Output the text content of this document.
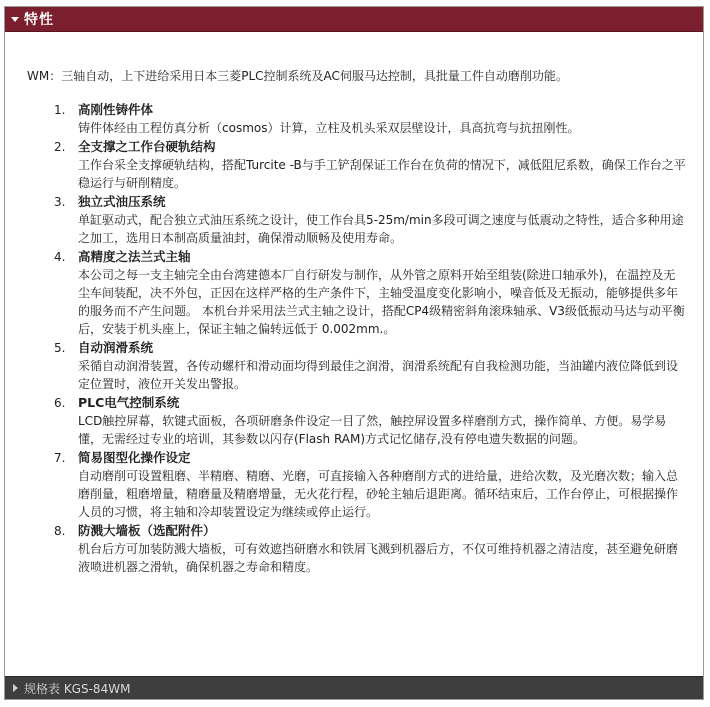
特性

WM：三轴自动，上下进给采用日本三菱PLC控制系统及AC伺服马达控制，具批量工件自动磨削功能。

1. 高刚性铸件体

铸件体经由工程仿真分析（cosmos）计算，立柱及机头采双层壁设计，具高抗弯与抗扭刚性。

2. 全支撑之工作台硬轨结构

工作台采全支撑硬轨结构，搭配Turcite -B与手工铲刮保证工作台在负荷的情况下，减低阻尼系数，确保工作台之平稳运行与研削精度。

3. 独立式油压系统

单缸驱动式，配合独立式油压系统之设计，使工作台具5-25m/min多段可调之速度与低震动之特性，适合多种用途之加工，选用日本制高质量油封，确保滑动顺畅及使用寿命。

4. 高精度之法兰式主轴

本公司之每一支主轴完全由台湾建德本厂自行研发与制作，从外管之原料开始至组装(除进口轴承外)，在温控及无尘车间装配，决不外包，正因在这样严格的生产条件下，主轴受温度变化影响小，噪音低及无振动，能够提供多年的服务而不产生问题。 本机台并采用法兰式主轴之设计，搭配CP4级精密斜角滚珠轴承、V3级低振动马达与动平衡后，安装于机头座上，保证主轴之偏转远低于 0.002mm.。

5. 自动润滑系统

采循自动润滑装置，各传动螺杆和滑动面均得到最佳之润滑，润滑系统配有自我检测功能，当油罐内液位降低到设定位置时，液位开关发出警报。

6. PLC电气控制系统

LCD触控屏幕，软键式面板，各项研磨条件设定一目了然，触控屏设置多样磨削方式，操作简单、方便。易学易懂，无需经过专业的培训，其参数以闪存(Flash RAM)方式记忆储存,没有停电遗失数据的问题。

7. 简易图型化操作设定

自动磨削可设置粗磨、半精磨、精磨、光磨，可直接输入各种磨削方式的进给量，进给次数，及光磨次数；输入总磨削量，粗磨增量，精磨量及精磨增量，无火花行程，砂轮主轴后退距离。循环结束后，工作台停止，可根据操作人员的习惯，将主轴和冷却装置设定为继续或停止运行。

8. 防溅大墙板（选配附件）

机台后方可加装防溅大墙板，可有效遮挡研磨水和铁屑飞溅到机器后方，不仅可维持机器之清洁度，甚至避免研磨液喷进机器之滑轨，确保机器之寿命和精度。

规格表 KGS-84WM
